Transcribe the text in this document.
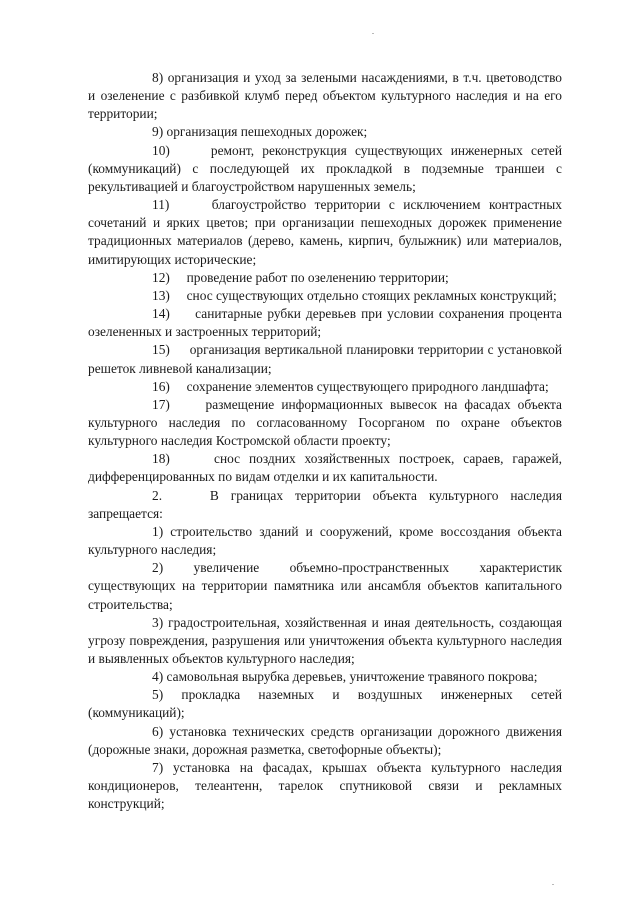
8) организация и уход за зелеными насаждениями, в т.ч. цветоводство и озеленение с разбивкой клумб перед объектом культурного наследия и на его территории;

9) организация пешеходных дорожек;

10)	ремонт, реконструкция существующих инженерных сетей (коммуникаций) с последующей их прокладкой в подземные траншеи с рекультивацией и благоустройством нарушенных земель;

11)	благоустройство территории с исключением контрастных сочетаний и ярких цветов; при организации пешеходных дорожек применение традиционных материалов (дерево, камень, кирпич, булыжник) или материалов, имитирующих исторические;

12) проведение работ по озеленению территории;

13) снос существующих отдельно стоящих рекламных конструкций;

14) санитарные рубки деревьев при условии сохранения процента озелененных и застроенных территорий;

15) организация вертикальной планировки территории с установкой решеток ливневой канализации;

16) сохранение элементов существующего природного ландшафта;

17)	размещение информационных вывесок на фасадах объекта культурного наследия по согласованному Госорганом по охране объектов культурного наследия Костромской области проекту;

18)	снос поздних хозяйственных построек, сараев, гаражей, дифференцированных по видам отделки и их капитальности.

2.	В границах территории объекта культурного наследия запрещается:

1) строительство зданий и сооружений, кроме воссоздания объекта культурного наследия;

2) увеличение объемно-пространственных характеристик существующих на территории памятника или ансамбля объектов капитального строительства;

3) градостроительная, хозяйственная и иная деятельность, создающая угрозу повреждения, разрушения или уничтожения объекта культурного наследия и выявленных объектов культурного наследия;

4) самовольная вырубка деревьев, уничтожение травяного покрова;

5) прокладка наземных и воздушных инженерных сетей (коммуникаций);

6) установка технических средств организации дорожного движения (дорожные знаки, дорожная разметка, светофорные объекты);

7) установка на фасадах, крышах объекта культурного наследия кондиционеров, телеантенн, тарелок спутниковой связи и рекламных конструкций;
